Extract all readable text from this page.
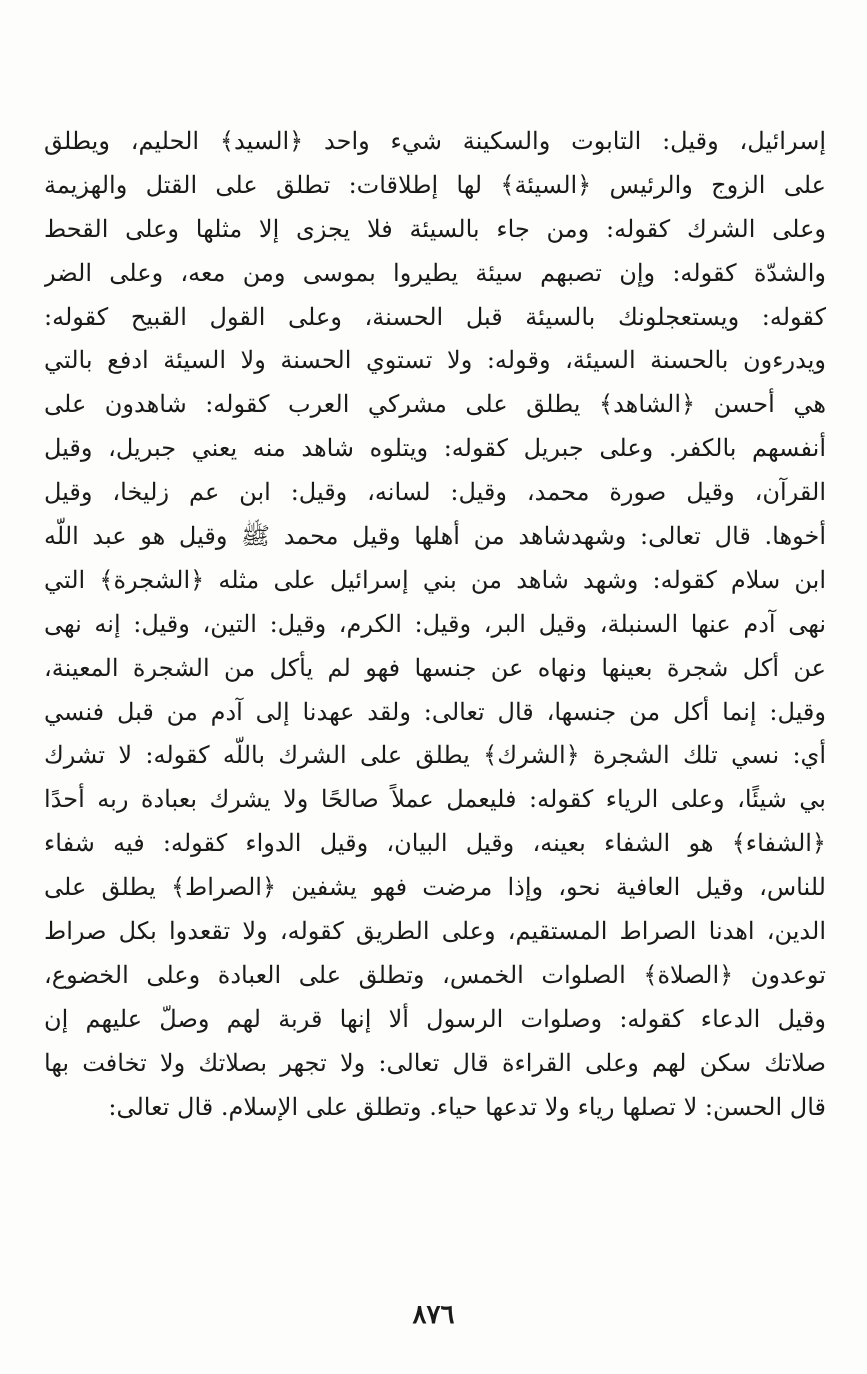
إسرائيل، وقيل: التابوت والسكينة شيء واحد ﴿السيد﴾ الحليم، ويطلق
على الزوج والرئيس ﴿السيئة﴾ لها إطلاقات: تطلق على القتل والهزيمة
وعلى الشرك كقوله: ومن جاء بالسيئة فلا يجزى إلا مثلها وعلى القحط
والشدّة كقوله: وإن تصبهم سيئة يطيروا بموسى ومن معه، وعلى الضر
كقوله: ويستعجلونك بالسيئة قبل الحسنة، وعلى القول القبيح كقوله:
ويدرءون بالحسنة السيئة، وقوله: ولا تستوي الحسنة ولا السيئة ادفع بالتي
هي أحسن ﴿الشاهد﴾ يطلق على مشركي العرب كقوله: شاهدون على
أنفسهم بالكفر. وعلى جبريل كقوله: ويتلوه شاهد منه يعني جبريل، وقيل
القرآن، وقيل صورة محمد، وقيل: لسانه، وقيل: ابن عم زليخا، وقيل
أخوها. قال تعالى: وشهدشاهد من أهلها وقيل محمد ﷺ وقيل هو عبد اللّه
ابن سلام كقوله: وشهد شاهد من بني إسرائيل على مثله ﴿الشجرة﴾ التي
نهى آدم عنها السنبلة، وقيل البر، وقيل: الكرم، وقيل: التين، وقيل: إنه نهى
عن أكل شجرة بعينها ونهاه عن جنسها فهو لم يأكل من الشجرة المعينة،
وقيل: إنما أكل من جنسها، قال تعالى: ولقد عهدنا إلى آدم من قبل فنسي
أي: نسي تلك الشجرة ﴿الشرك﴾ يطلق على الشرك باللّه كقوله: لا تشرك
بي شيئًا، وعلى الرياء كقوله: فليعمل عملاً صالحًا ولا يشرك بعبادة ربه أحدًا
﴿الشفاء﴾ هو الشفاء بعينه، وقيل البيان، وقيل الدواء كقوله: فيه شفاء
للناس، وقيل العافية نحو، وإذا مرضت فهو يشفين ﴿الصراط﴾ يطلق على
الدين، اهدنا الصراط المستقيم، وعلى الطريق كقوله، ولا تقعدوا بكل صراط
توعدون ﴿الصلاة﴾ الصلوات الخمس، وتطلق على العبادة وعلى الخضوع،
وقيل الدعاء كقوله: وصلوات الرسول ألا إنها قربة لهم وصلّ عليهم إن
صلاتك سكن لهم وعلى القراءة قال تعالى: ولا تجهر بصلاتك ولا تخافت بها
قال الحسن: لا تصلها رياء ولا تدعها حياء. وتطلق على الإسلام. قال تعالى:
٨٧٦
